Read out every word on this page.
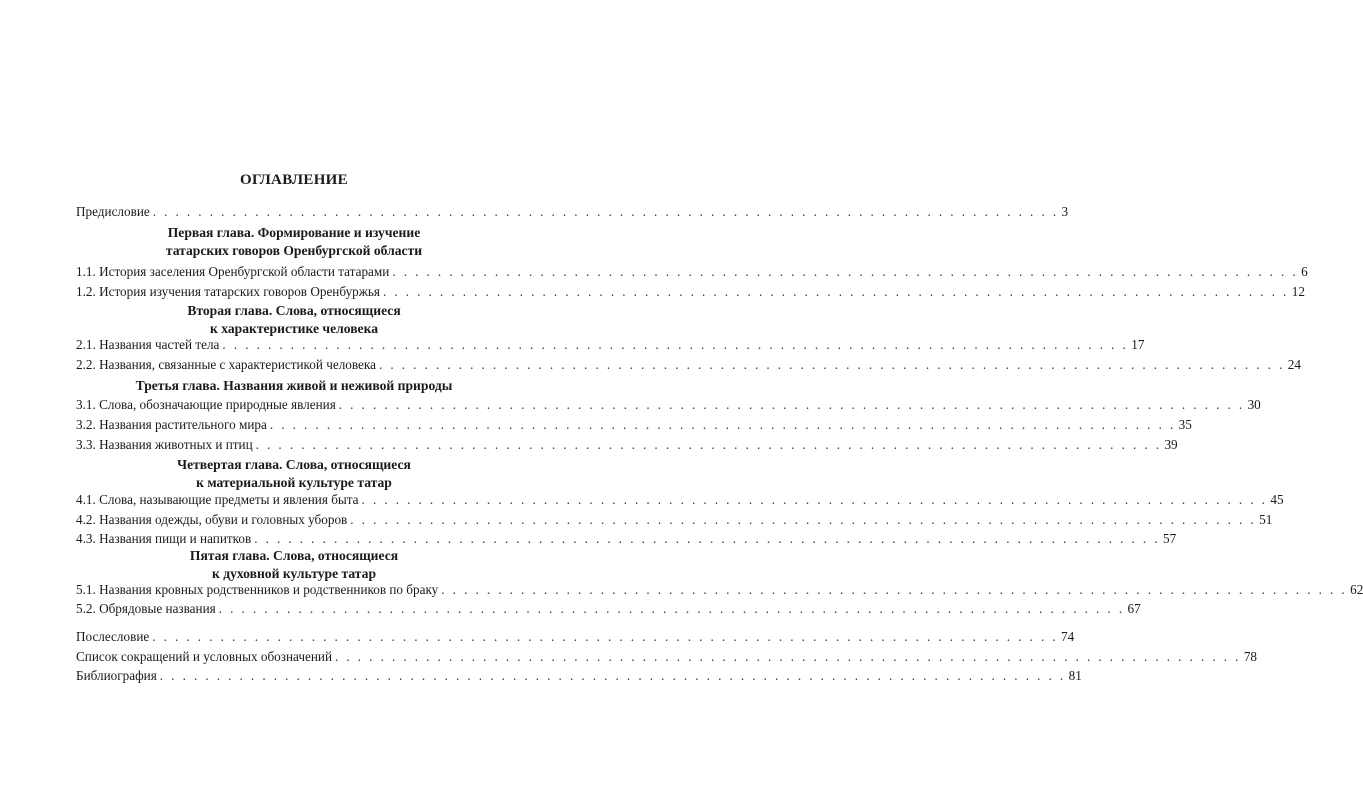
ОГЛАВЛЕНИЕ
Предисловие . . . . . . . . . . . . . . . . . . . . . . . . . . . . . . . . . . . . . . . . . . . . . . . . . . . . . . . . . . . . . . . . . . . . . . . . . . . . . . . . 3
Первая глава. Формирование и изучение
татарских говоров Оренбургской области
1.1. История заселения Оренбургской области татарами . . . . . . . . . . . . . . . . . . . . . . . . . . . . . . . . . . . . . . . . . . . . . . . . . . . . . . . . . . . . . . . . . . . . . . . . . . . . . . . . 6
1.2. История изучения татарских говоров Оренбуржья . . . . . . . . . . . . . . . . . . . . . . . . . . . . . . . . . . . . . . . . . . . . . . . . . . . . . . . . . . . . . . . . . . . . . . . . . . . . . . . . 12
Вторая глава. Слова, относящиеся
к характеристике человека
2.1. Названия частей тела . . . . . . . . . . . . . . . . . . . . . . . . . . . . . . . . . . . . . . . . . . . . . . . . . . . . . . . . . . . . . . . . . . . . . . . . . . . . . . . . 17
2.2. Названия, связанные с характеристикой человека . . . . . . . . . . . . . . . . . . . . . . . . . . . . . . . . . . . . . . . . . . . . . . . . . . . . . . . . . . . . . . . . . . . . . . . . . . . . . . . . 24
Третья глава. Названия живой и неживой природы
3.1. Слова, обозначающие природные явления . . . . . . . . . . . . . . . . . . . . . . . . . . . . . . . . . . . . . . . . . . . . . . . . . . . . . . . . . . . . . . . . . . . . . . . . . . . . . . . . 30
3.2. Названия растительного мира . . . . . . . . . . . . . . . . . . . . . . . . . . . . . . . . . . . . . . . . . . . . . . . . . . . . . . . . . . . . . . . . . . . . . . . . . . . . . . . . 35
3.3. Названия животных и птиц . . . . . . . . . . . . . . . . . . . . . . . . . . . . . . . . . . . . . . . . . . . . . . . . . . . . . . . . . . . . . . . . . . . . . . . . . . . . . . . . 39
Четвертая глава. Слова, относящиеся
к материальной культуре татар
4.1. Слова, называющие предметы и явления быта . . . . . . . . . . . . . . . . . . . . . . . . . . . . . . . . . . . . . . . . . . . . . . . . . . . . . . . . . . . . . . . . . . . . . . . . . . . . . . . . 45
4.2. Названия одежды, обуви и головных уборов . . . . . . . . . . . . . . . . . . . . . . . . . . . . . . . . . . . . . . . . . . . . . . . . . . . . . . . . . . . . . . . . . . . . . . . . . . . . . . . . 51
4.3. Названия пищи и напитков . . . . . . . . . . . . . . . . . . . . . . . . . . . . . . . . . . . . . . . . . . . . . . . . . . . . . . . . . . . . . . . . . . . . . . . . . . . . . . . . 57
Пятая глава. Слова, относящиеся
к духовной культуре татар
5.1. Названия кровных родственников и родственников по браку . . . . . . . . . . . . . . . . . . . . . . . . . . . . . . . . . . . . . . . . . . . . . . . . . . . . . . . . . . . . . . . . . . . . . . . . . . . . . . . . 62
5.2. Обрядовые названия . . . . . . . . . . . . . . . . . . . . . . . . . . . . . . . . . . . . . . . . . . . . . . . . . . . . . . . . . . . . . . . . . . . . . . . . . . . . . . . . 67
Послесловие . . . . . . . . . . . . . . . . . . . . . . . . . . . . . . . . . . . . . . . . . . . . . . . . . . . . . . . . . . . . . . . . . . . . . . . . . . . . . . . . 74
Список сокращений и условных обозначений . . . . . . . . . . . . . . . . . . . . . . . . . . . . . . . . . . . . . . . . . . . . . . . . . . . . . . . . . . . . . . . . . . . . . . . . . . . . . . . . 78
Библиография . . . . . . . . . . . . . . . . . . . . . . . . . . . . . . . . . . . . . . . . . . . . . . . . . . . . . . . . . . . . . . . . . . . . . . . . . . . . . . . . 81
